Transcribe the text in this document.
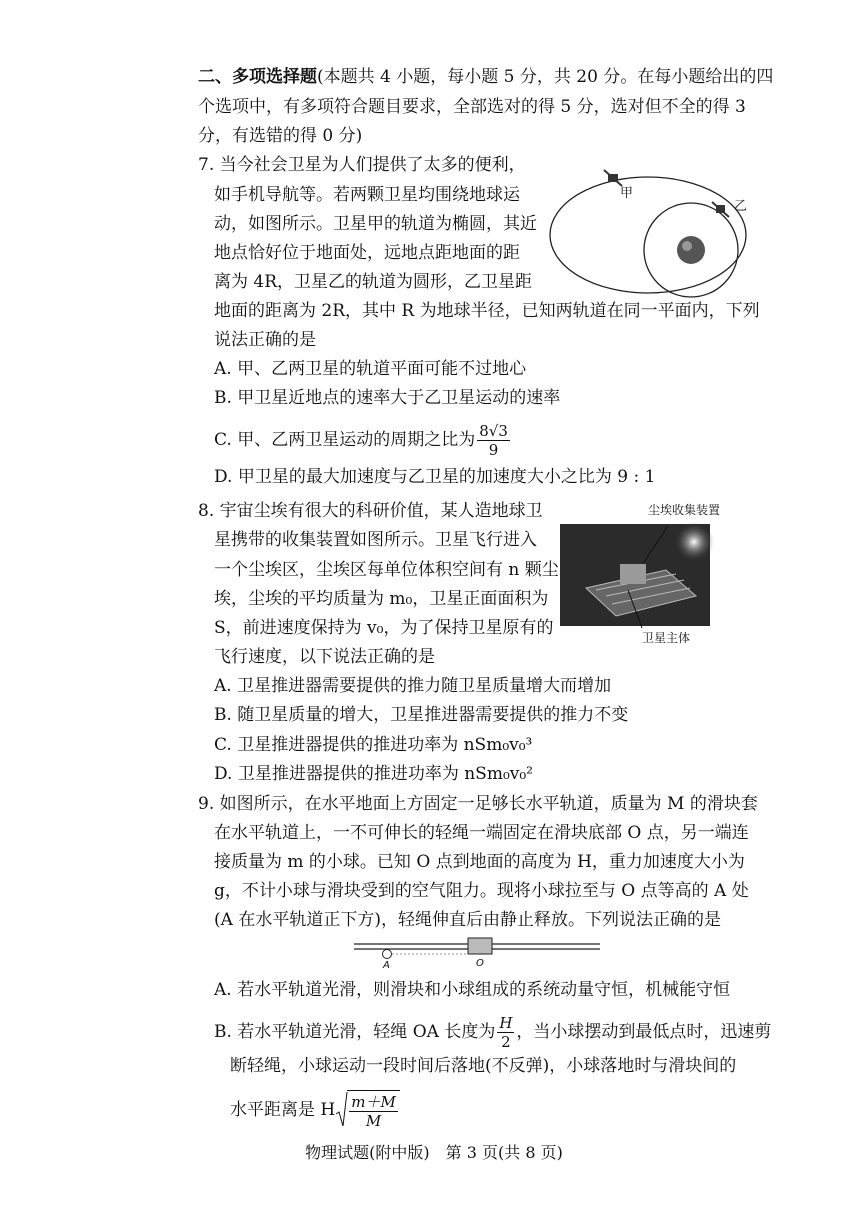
二、多项选择题(本题共 4 小题，每小题 5 分，共 20 分。在每小题给出的四
个选项中，有多项符合题目要求，全部选对的得 5 分，选对但不全的得 3
分，有选错的得 0 分)
7. 当今社会卫星为人们提供了太多的便利，
如手机导航等。若两颗卫星均围绕地球运
动，如图所示。卫星甲的轨道为椭圆，其近
地点恰好位于地面处，远地点距地面的距
离为 4R，卫星乙的轨道为圆形，乙卫星距
地面的距离为 2R，其中 R 为地球半径，已知两轨道在同一平面内，下列
说法正确的是
甲
乙
A. 甲、乙两卫星的轨道平面可能不过地心
B. 甲卫星近地点的速率大于乙卫星运动的速率
C. 甲、乙两卫星运动的周期之比为 $\frac{8√3}{9}$
D. 甲卫星的最大加速度与乙卫星的加速度大小之比为 9 : 1
8. 宇宙尘埃有很大的科研价值，某人造地球卫
星携带的收集装置如图所示。卫星飞行进入
一个尘埃区，尘埃区每单位体积空间有 n 颗尘
埃，尘埃的平均质量为 m₀，卫星正面面积为
S，前进速度保持为 v₀，为了保持卫星原有的
飞行速度，以下说法正确的是
尘埃收集装置
卫星主体
A. 卫星推进器需要提供的推力随卫星质量增大而增加
B. 随卫星质量的增大，卫星推进器需要提供的推力不变
C. 卫星推进器提供的推进功率为 nSm₀v₀³
D. 卫星推进器提供的推进功率为 nSm₀v₀²
9. 如图所示，在水平地面上方固定一足够长水平轨道，质量为 M 的滑块套
在水平轨道上，一不可伸长的轻绳一端固定在滑块底部 O 点，另一端连
接质量为 m 的小球。已知 O 点到地面的高度为 H，重力加速度大小为
g，不计小球与滑块受到的空气阻力。现将小球拉至与 O 点等高的 A 处
(A 在水平轨道正下方)，轻绳伸直后由静止释放。下列说法正确的是
A	O
A. 若水平轨道光滑，则滑块和小球组成的系统动量守恒，机械能守恒
B. 若水平轨道光滑，轻绳 OA 长度为 $\frac{H}{2}$ ，当小球摆动到最低点时，迅速剪
断轻绳，小球运动一段时间后落地(不反弹)，小球落地时与滑块间的
水平距离是 H $\frac{m+M}{M}$
物理试题(附中版)　第 3 页(共 8 页)
